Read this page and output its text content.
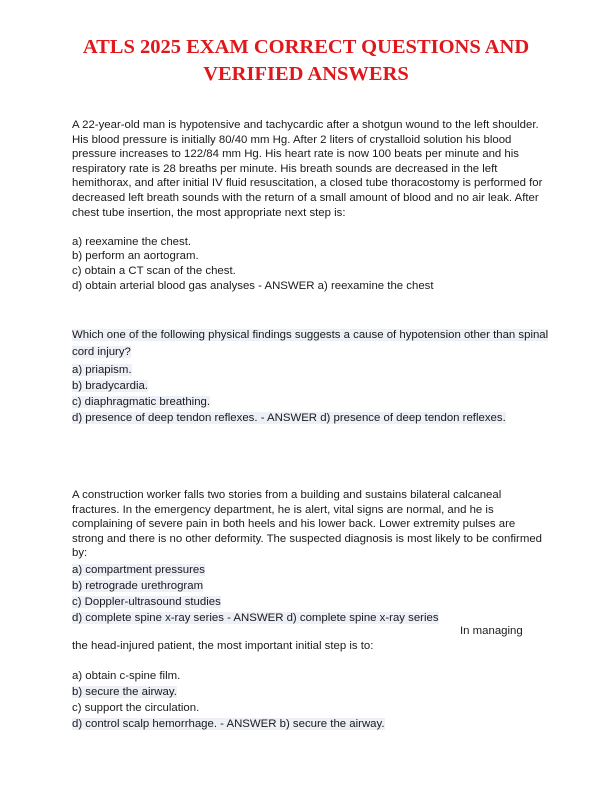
ATLS 2025 EXAM CORRECT QUESTIONS AND VERIFIED ANSWERS

A 22-year-old man is hypotensive and tachycardic after a shotgun wound to the left shoulder. His blood pressure is initially 80/40 mm Hg. After 2 liters of crystalloid solution his blood pressure increases to 122/84 mm Hg. His heart rate is now 100 beats per minute and his respiratory rate is 28 breaths per minute. His breath sounds are decreased in the left hemithorax, and after initial IV fluid resuscitation, a closed tube thoracostomy is performed for decreased left breath sounds with the return of a small amount of blood and no air leak. After chest tube insertion, the most appropriate next step is:

a) reexamine the chest.
b) perform an aortogram.
c) obtain a CT scan of the chest.
d) obtain arterial blood gas analyses - ANSWER a) reexamine the chest

Which one of the following physical findings suggests a cause of hypotension other than spinal cord injury?

a) priapism.
b) bradycardia.
c) diaphragmatic breathing.
d) presence of deep tendon reflexes. - ANSWER d) presence of deep tendon reflexes.

A construction worker falls two stories from a building and sustains bilateral calcaneal fractures. In the emergency department, he is alert, vital signs are normal, and he is complaining of severe pain in both heels and his lower back. Lower extremity pulses are strong and there is no other deformity. The suspected diagnosis is most likely to be confirmed by:

a) compartment pressures
b) retrograde urethrogram
c) Doppler-ultrasound studies
d) complete spine x-ray series - ANSWER d) complete spine x-ray series
In managing

the head-injured patient, the most important initial step is to:

a) obtain c-spine film.
b) secure the airway.
c) support the circulation.
d) control scalp hemorrhage. - ANSWER b) secure the airway.
